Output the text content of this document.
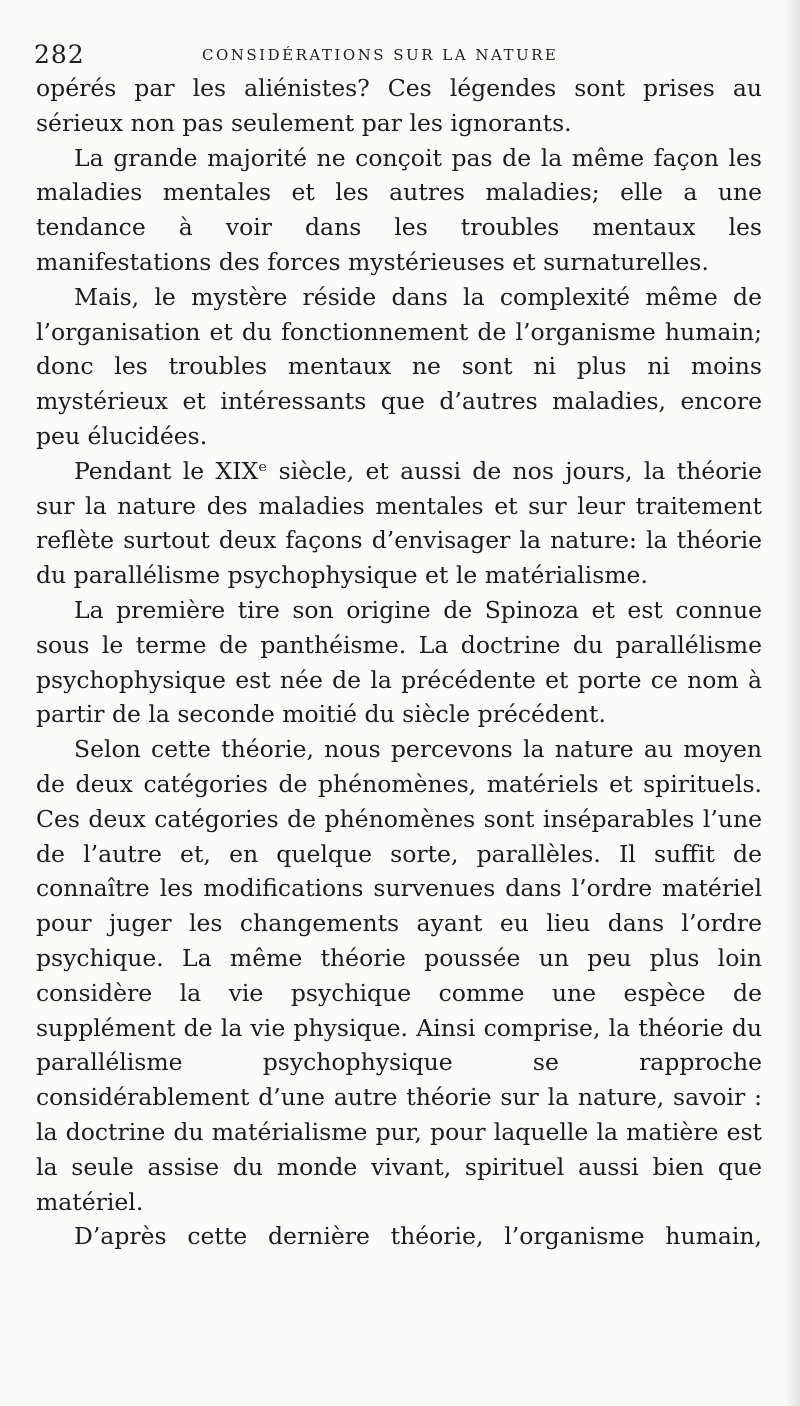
282	CONSIDÉRATIONS SUR LA NATURE

opérés par les aliénistes? Ces légendes sont prises au sérieux non pas seulement par les ignorants.

La grande majorité ne conçoit pas de la même façon les maladies mentales et les autres maladies; elle a une tendance à voir dans les troubles mentaux les manifestations des forces mystérieuses et surnaturelles.

Mais, le mystère réside dans la complexité même de l’organisation et du fonctionnement de l’organisme humain; donc les troubles mentaux ne sont ni plus ni moins mystérieux et intéressants que d’autres maladies, encore peu élucidées.

Pendant le XIXᵉ siècle, et aussi de nos jours, la théorie sur la nature des maladies mentales et sur leur traitement reflète surtout deux façons d’envisager la nature: la théorie du parallélisme psychophysique et le matérialisme.

La première tire son origine de Spinoza et est connue sous le terme de panthéisme. La doctrine du parallélisme psychophysique est née de la précédente et porte ce nom à partir de la seconde moitié du siècle précédent.

Selon cette théorie, nous percevons la nature au moyen de deux catégories de phénomènes, matériels et spirituels. Ces deux catégories de phénomènes sont inséparables l’une de l’autre et, en quelque sorte, parallèles. Il suffit de connaître les modifications survenues dans l’ordre matériel pour juger les changements ayant eu lieu dans l’ordre psychique. La même théorie poussée un peu plus loin considère la vie psychique comme une espèce de supplément de la vie physique. Ainsi comprise, la théorie du parallélisme psychophysique se rapproche considérablement d’une autre théorie sur la nature, savoir : la doctrine du matérialisme pur, pour laquelle la matière est la seule assise du monde vivant, spirituel aussi bien que matériel.

D’après cette dernière théorie, l’organisme humain,
